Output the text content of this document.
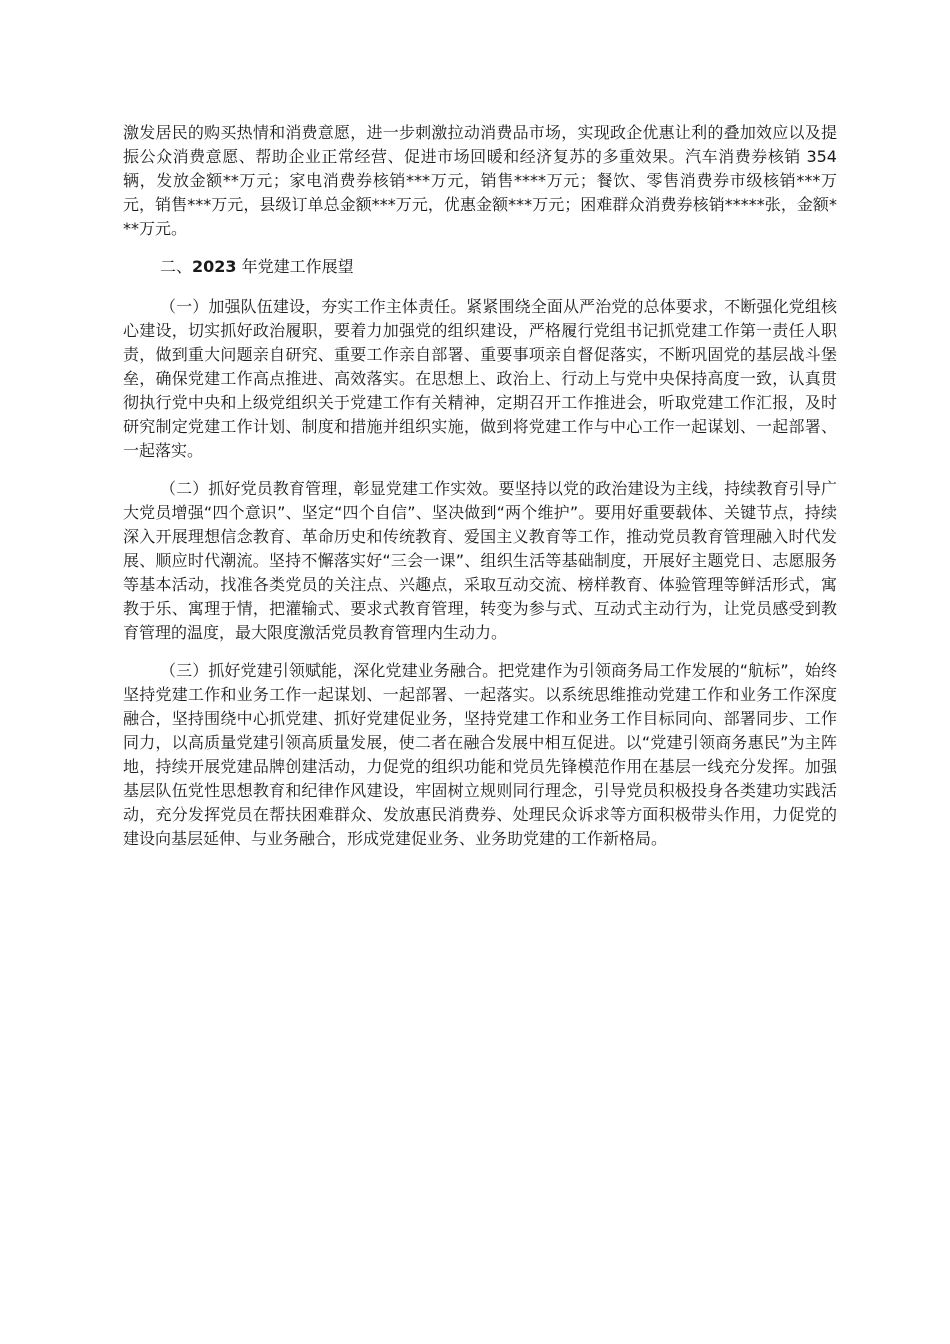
激发居民的购买热情和消费意愿，进一步刺激拉动消费品市场，实现政企优惠让利的叠加效应以及提振公众消费意愿、帮助企业正常经营、促进市场回暖和经济复苏的多重效果。汽车消费券核销 354 辆，发放金额**万元；家电消费券核销***万元，销售****万元；餐饮、零售消费券市级核销***万元，销售***万元，县级订单总金额***万元，优惠金额***万元；困难群众消费券核销*****张，金额***万元。

二、2023 年党建工作展望

（一）加强队伍建设，夯实工作主体责任。紧紧围绕全面从严治党的总体要求，不断强化党组核心建设，切实抓好政治履职，要着力加强党的组织建设，严格履行党组书记抓党建工作第一责任人职责，做到重大问题亲自研究、重要工作亲自部署、重要事项亲自督促落实，不断巩固党的基层战斗堡垒，确保党建工作高点推进、高效落实。在思想上、政治上、行动上与党中央保持高度一致，认真贯彻执行党中央和上级党组织关于党建工作有关精神，定期召开工作推进会，听取党建工作汇报，及时研究制定党建工作计划、制度和措施并组织实施，做到将党建工作与中心工作一起谋划、一起部署、一起落实。

（二）抓好党员教育管理，彰显党建工作实效。要坚持以党的政治建设为主线，持续教育引导广大党员增强“四个意识”、坚定“四个自信”、坚决做到“两个维护”。要用好重要载体、关键节点，持续深入开展理想信念教育、革命历史和传统教育、爱国主义教育等工作，推动党员教育管理融入时代发展、顺应时代潮流。坚持不懈落实好“三会一课”、组织生活等基础制度，开展好主题党日、志愿服务等基本活动，找准各类党员的关注点、兴趣点，采取互动交流、榜样教育、体验管理等鲜活形式，寓教于乐、寓理于情，把灌输式、要求式教育管理，转变为参与式、互动式主动行为，让党员感受到教育管理的温度，最大限度激活党员教育管理内生动力。

（三）抓好党建引领赋能，深化党建业务融合。把党建作为引领商务局工作发展的“航标”，始终坚持党建工作和业务工作一起谋划、一起部署、一起落实。以系统思维推动党建工作和业务工作深度融合，坚持围绕中心抓党建、抓好党建促业务，坚持党建工作和业务工作目标同向、部署同步、工作同力，以高质量党建引领高质量发展，使二者在融合发展中相互促进。以“党建引领商务惠民”为主阵地，持续开展党建品牌创建活动，力促党的组织功能和党员先锋模范作用在基层一线充分发挥。加强基层队伍党性思想教育和纪律作风建设，牢固树立规则同行理念，引导党员积极投身各类建功实践活动，充分发挥党员在帮扶困难群众、发放惠民消费券、处理民众诉求等方面积极带头作用，力促党的建设向基层延伸、与业务融合，形成党建促业务、业务助党建的工作新格局。
